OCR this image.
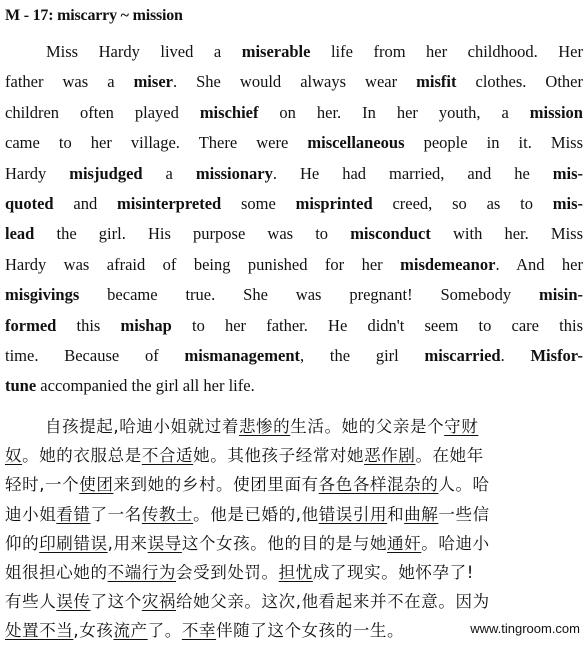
M - 17: miscarry ~ mission
Miss Hardy lived a miserable life from her childhood. Her
father was a miser. She would always wear misfit clothes. Other
children often played mischief on her. In her youth, a mission
came to her village. There were miscellaneous people in it. Miss
Hardy misjudged a missionary. He had married, and he mis-
quoted and misinterpreted some misprinted creed, so as to mis-
lead the girl. His purpose was to misconduct with her. Miss
Hardy was afraid of being punished for her misdemeanor. And her
misgivings became true. She was pregnant! Somebody misin-
formed this mishap to her father. He didn't seem to care this
time. Because of mismanagement, the girl miscarried. Misfor-
tune accompanied the girl all her life.
自孩提起,哈迪小姐就过着悲惨的生活。她的父亲是个守财
奴。她的衣服总是不合适她。其他孩子经常对她恶作剧。在她年
轻时,一个使团来到她的乡村。使团里面有各色各样混杂的人。哈
迪小姐看错了一名传教士。他是已婚的,他错误引用和曲解一些信
仰的印刷错误,用来误导这个女孩。他的目的是与她通奸。哈迪小
姐很担心她的不端行为会受到处罚。担忧成了现实。她怀孕了!
有些人误传了这个灾祸给她父亲。这次,他看起来并不在意。因为
处置不当,女孩流产了。不幸伴随了这个女孩的一生。	www.tingroom.com
